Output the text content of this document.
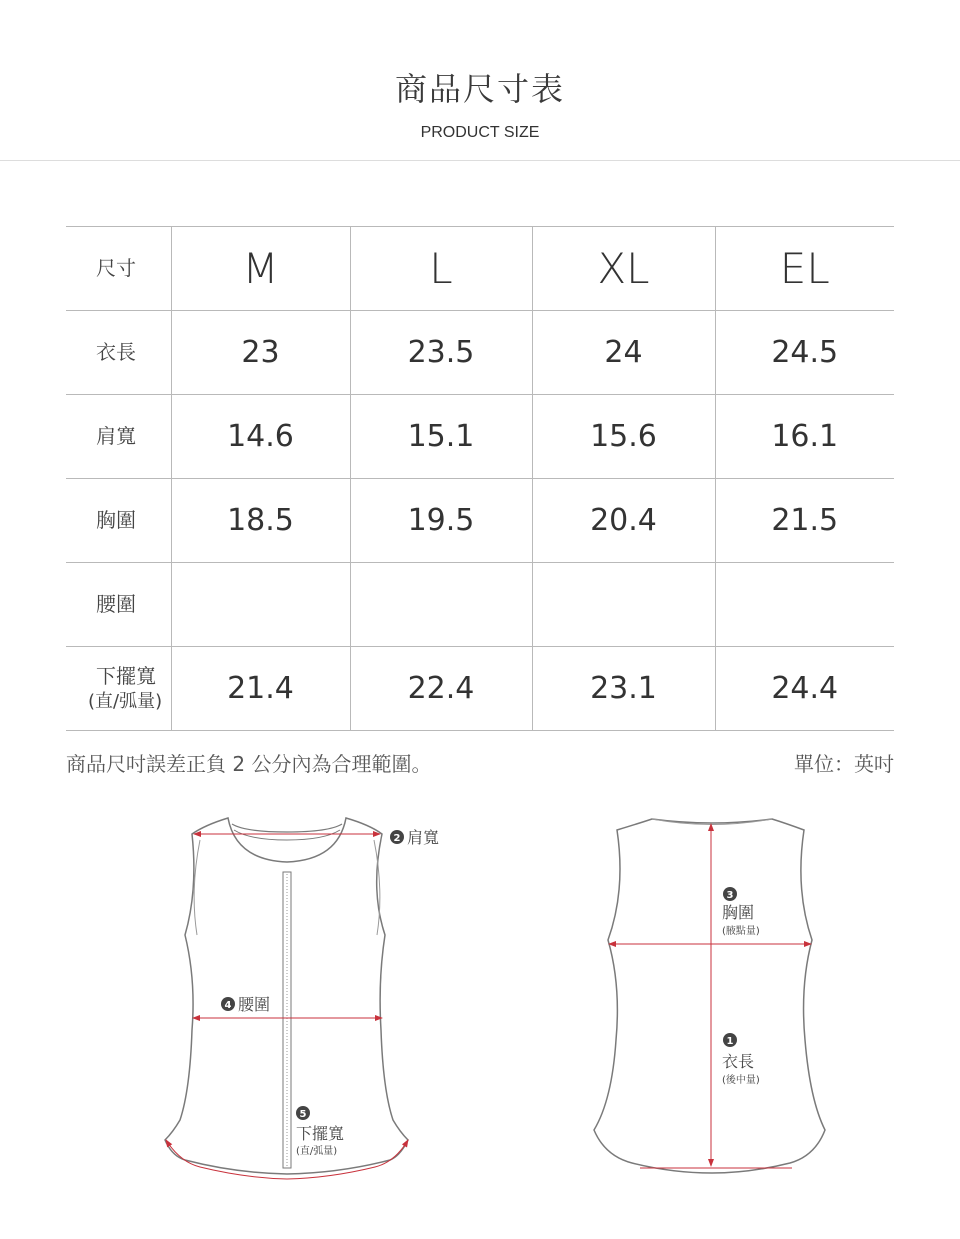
商品尺寸表
PRODUCT SIZE
尺寸	M	L	XL	EL
衣長	23	23.5	24	24.5
肩寬	14.6	15.1	15.6	16.1
胸圍	18.5	19.5	20.4	21.5
腰圍				
下擺寬
(直/弧量)	21.4	22.4	23.1	24.4
商品尺吋誤差正負 2 公分內為合理範圍。	單位：英吋
2 肩寬
4 腰圍
5
下擺寬
(直/弧量)
3
胸圍
(腋點量)
1
衣長
(後中量)
